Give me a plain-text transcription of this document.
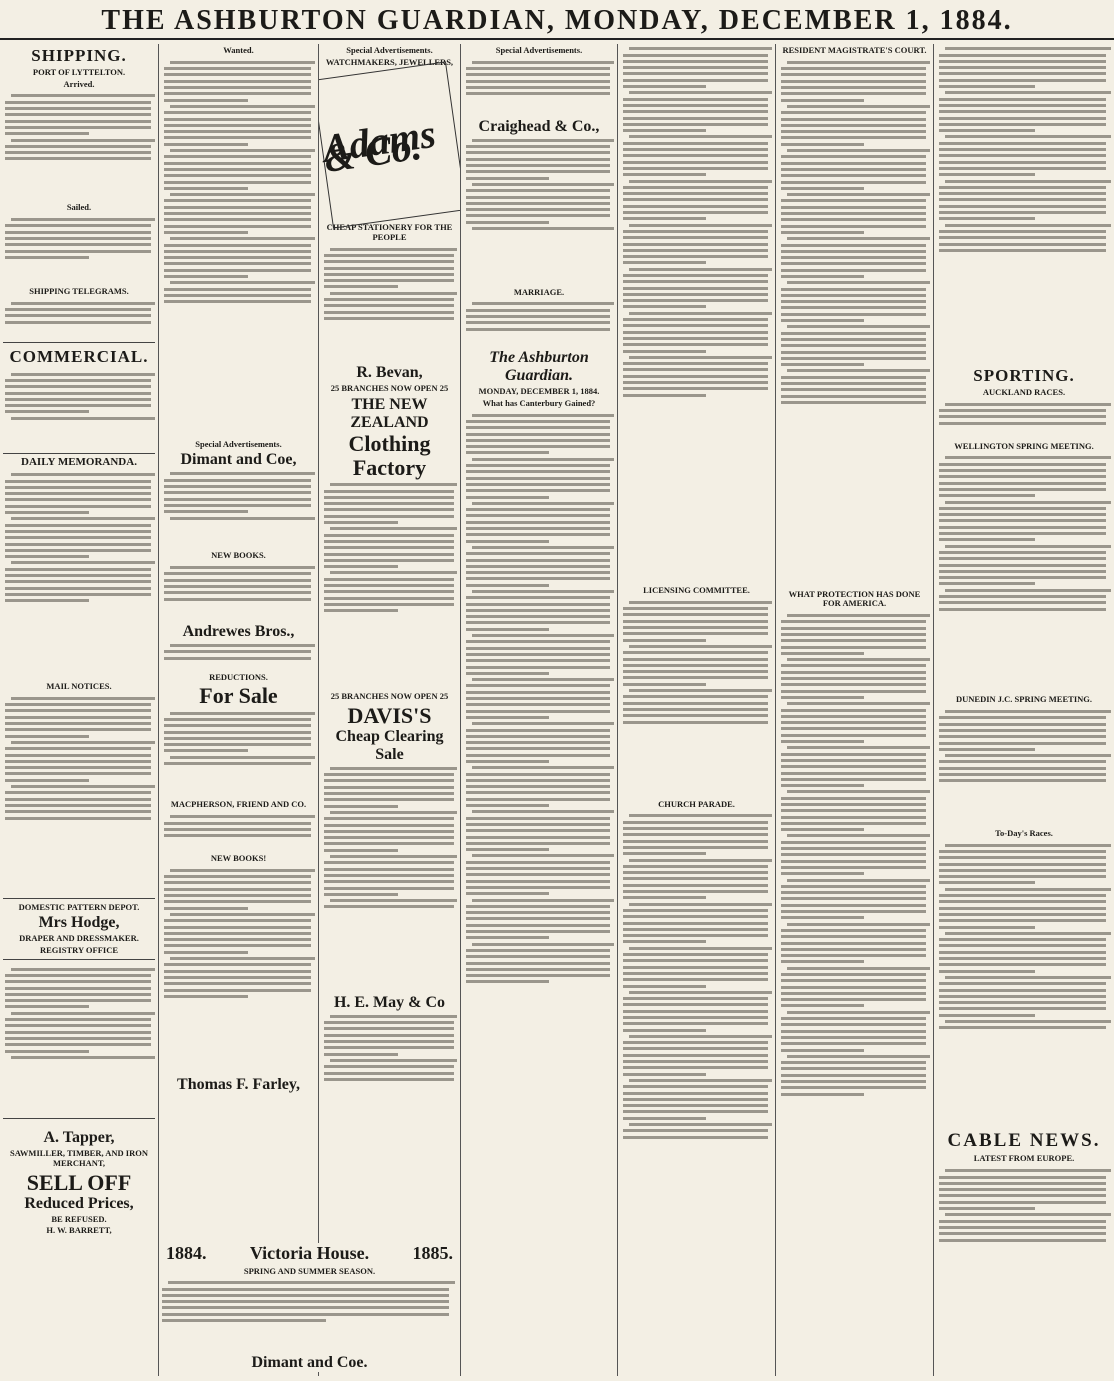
THE ASHBURTON GUARDIAN, MONDAY, DECEMBER 1, 1884.
SHIPPING.
PORT OF LYTTELTON.
Arrived.
Sailed.
SHIPPING TELEGRAMS.
COMMERCIAL.
DAILY MEMORANDA.
MAIL NOTICES.
DOMESTIC PATTERN DEPOT.
Mrs Hodge,
DRAPER AND DRESSMAKER.
REGISTRY OFFICE
A. Tapper,
SAWMILLER, TIMBER, AND IRON MERCHANT,
SELL OFF
Reduced Prices,
BE REFUSED.
H. W. BARRETT,
Wanted.
Special Advertisements.
Dimant and Coe,
NEW BOOKS.
Andrewes Bros.,
REDUCTIONS.
For Sale
MACPHERSON, FRIEND AND CO.
NEW BOOKS!
Thomas F. Farley,
Special Advertisements.
WATCHMAKERS, JEWELLERS,
Adams & Co.
CHEAP STATIONERY FOR THE PEOPLE
R. Bevan,
25 BRANCHES NOW OPEN 25
THE NEW ZEALAND
Clothing Factory
25 BRANCHES NOW OPEN 25
DAVIS'S
Cheap Clearing Sale
H. E. May & Co
1884. Victoria House. 1885.
SPRING AND SUMMER SEASON.
Dimant and Coe.
Special Advertisements.
Craighead & Co.,
MARRIAGE.
The Ashburton Guardian.
MONDAY, DECEMBER 1, 1884.
What has Canterbury Gained?
LICENSING COMMITTEE.
CHURCH PARADE.
RESIDENT MAGISTRATE'S COURT.
WHAT PROTECTION HAS DONE FOR AMERICA.
SPORTING.
AUCKLAND RACES.
WELLINGTON SPRING MEETING.
DUNEDIN J.C. SPRING MEETING.
To-Day's Races.
CABLE NEWS.
LATEST FROM EUROPE.
